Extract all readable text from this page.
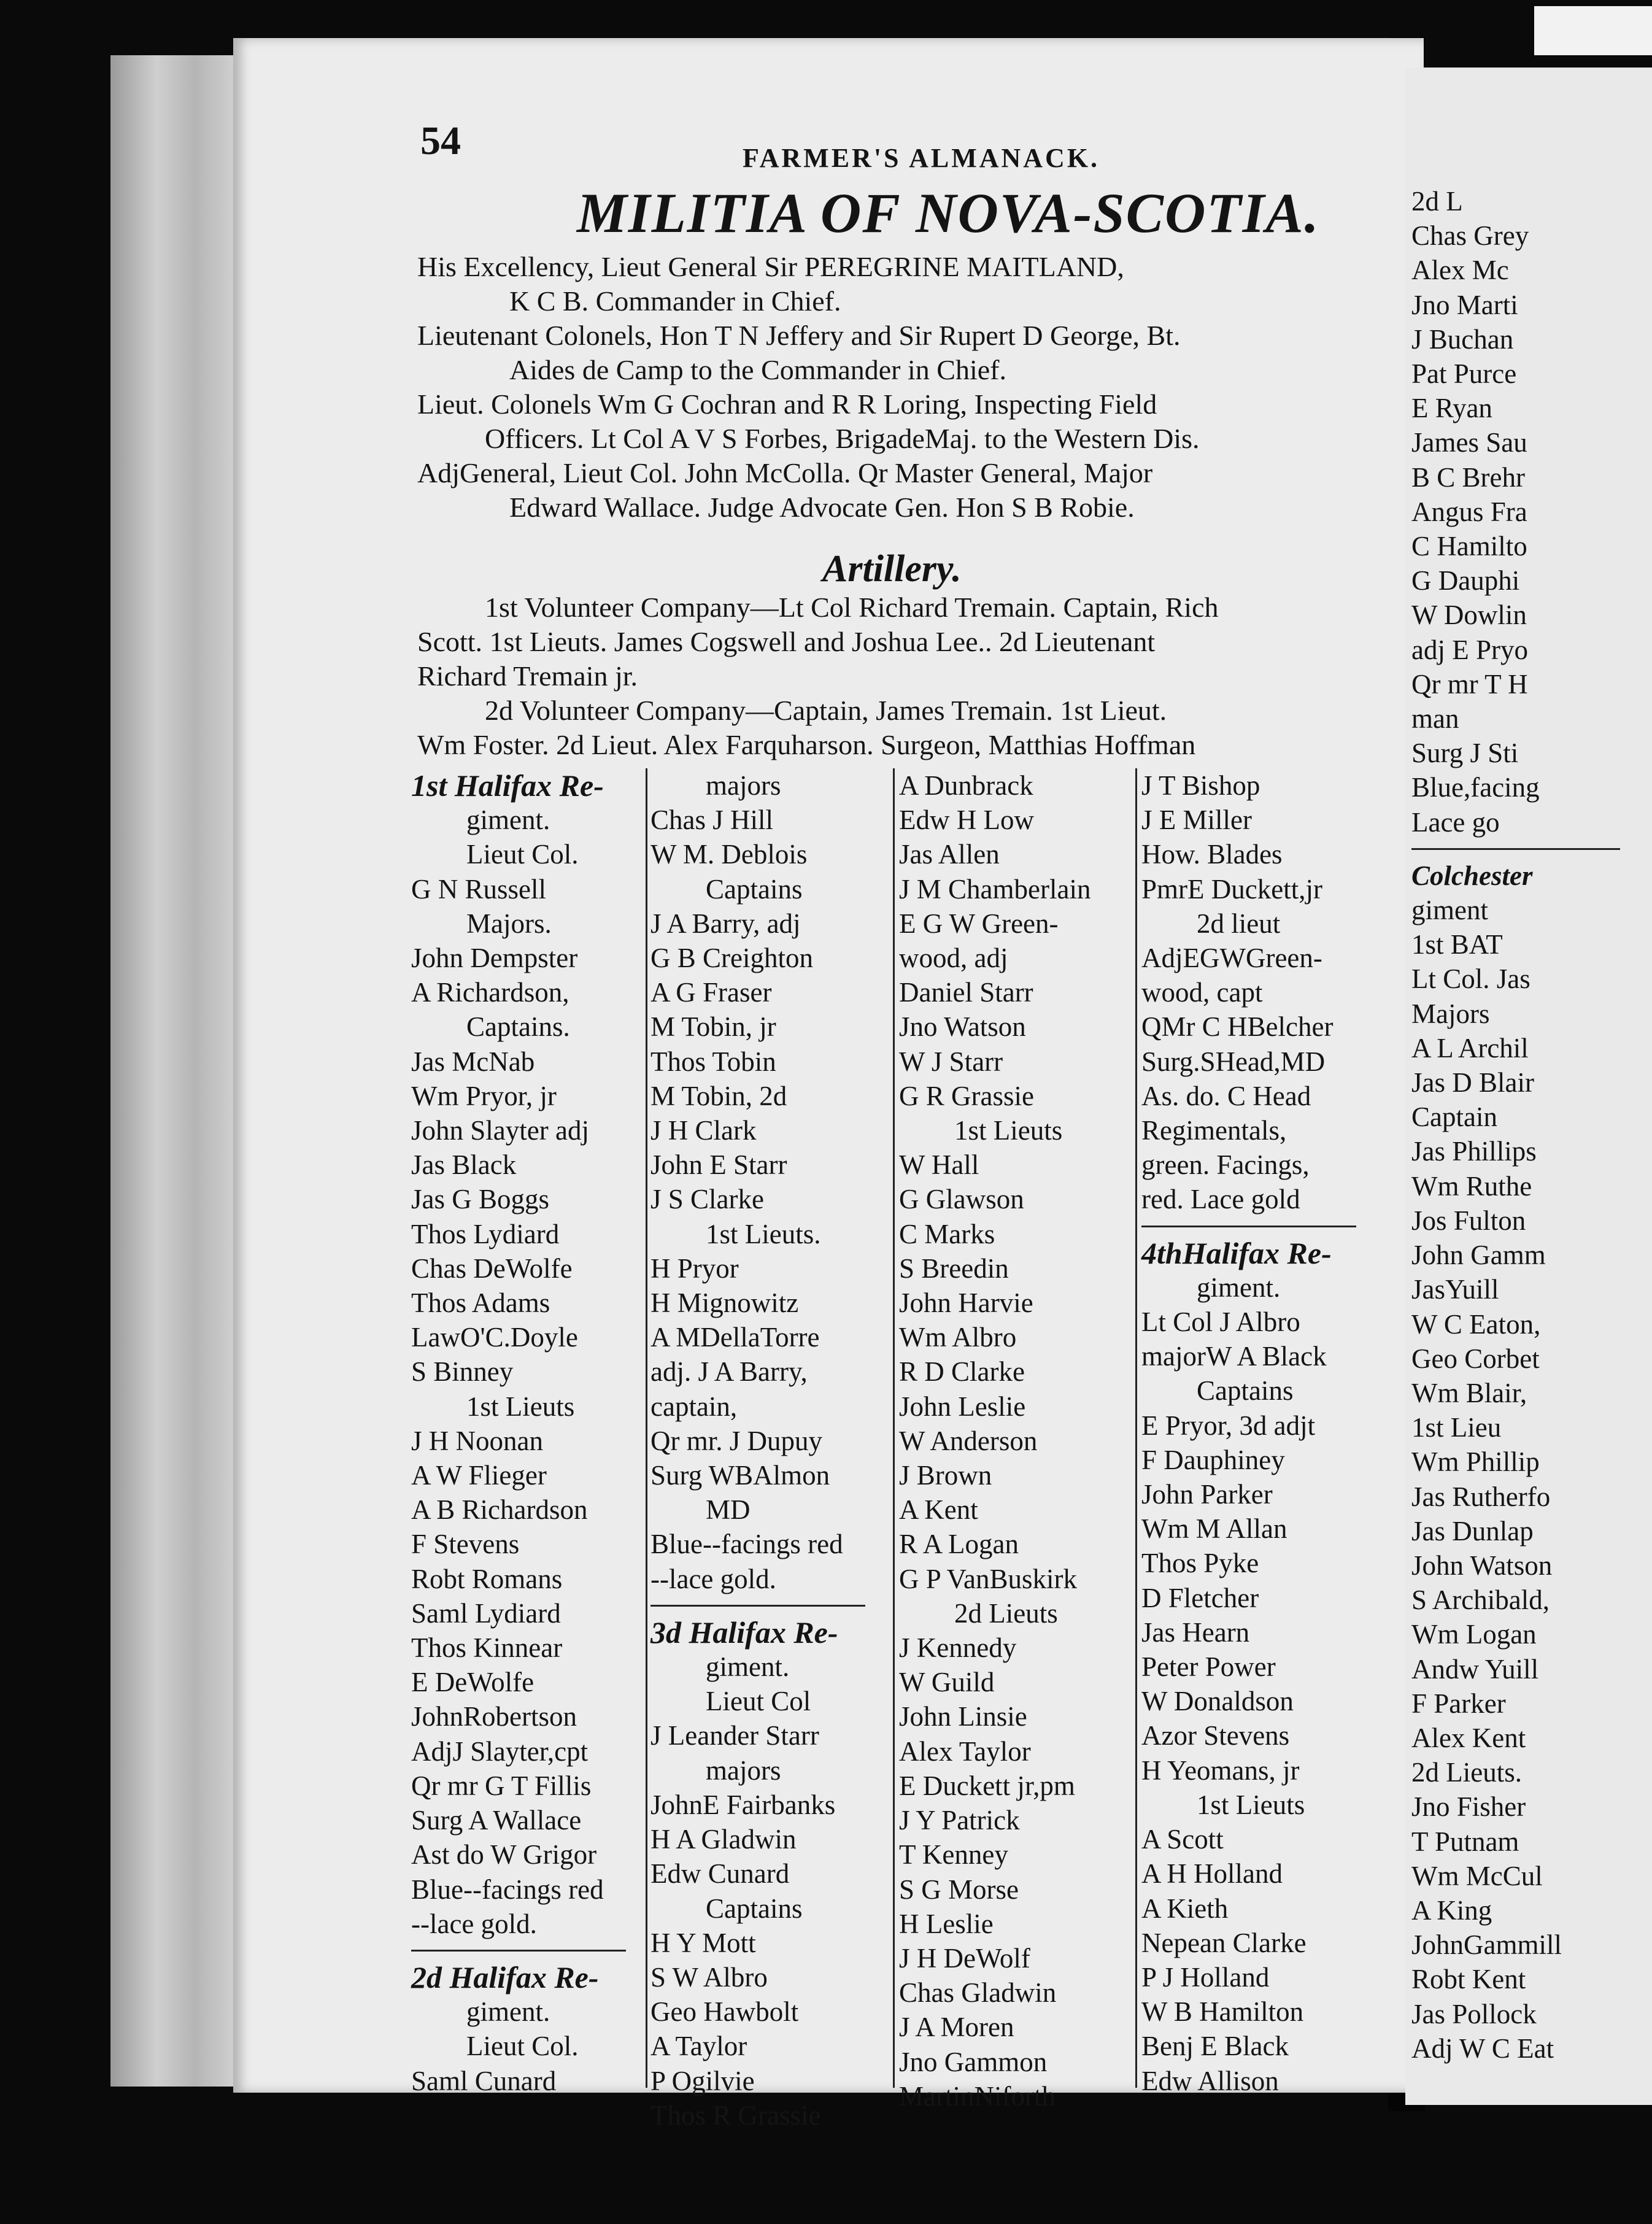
54	FARMER'S ALMANACK.
MILITIA OF NOVA-SCOTIA.
His Excellency, Lieut General Sir PEREGRINE MAITLAND,
K C B. Commander in Chief.
Lieutenant Colonels, Hon T N Jeffery and Sir Rupert D George, Bt.
Aides de Camp to the Commander in Chief.
Lieut. Colonels Wm G Cochran and R R Loring, Inspecting Field
Officers. Lt Col A V S Forbes, BrigadeMaj. to the Western Dis.
AdjGeneral, Lieut Col. John McColla. Qr Master General, Major
Edward Wallace. Judge Advocate Gen. Hon S B Robie.
Artillery.
1st Volunteer Company—Lt Col Richard Tremain. Captain, Rich
Scott. 1st Lieuts. James Cogswell and Joshua Lee.. 2d Lieutenant
Richard Tremain jr.
2d Volunteer Company—Captain, James Tremain. 1st Lieut.
Wm Foster. 2d Lieut. Alex Farquharson. Surgeon, Matthias Hoffman
1st Halifax Re-
giment.
Lieut Col.
G N Russell
Majors.
John Dempster
A Richardson,
Captains.
Jas McNab
Wm Pryor, jr
John Slayter adj
Jas Black
Jas G Boggs
Thos Lydiard
Chas DeWolfe
Thos Adams
LawO'C.Doyle
S Binney
1st Lieuts
J H Noonan
A W Flieger
A B Richardson
F Stevens
Robt Romans
Saml Lydiard
Thos Kinnear
E DeWolfe
JohnRobertson
AdjJ Slayter,cpt
Qr mr G T Fillis
Surg A Wallace
Ast do W Grigor
Blue--facings red
--lace gold.
2d Halifax Re-
giment.
Lieut Col.
Saml Cunard
majors
Chas J Hill
W M. Deblois
Captains
J A Barry, adj
G B Creighton
A G Fraser
M Tobin, jr
Thos Tobin
M Tobin, 2d
J H Clark
John E Starr
J S Clarke
1st Lieuts.
H Pryor
H Mignowitz
A MDellaTorre
adj. J A Barry,
captain,
Qr mr. J Dupuy
Surg WBAlmon
MD
Blue--facings red
--lace gold.
3d Halifax Re-
giment.
Lieut Col
J Leander Starr
majors
JohnE Fairbanks
H A Gladwin
Edw Cunard
Captains
H Y Mott
S W Albro
Geo Hawbolt
A Taylor
P Ogilvie
Thos R Grassie
A Dunbrack
Edw H Low
Jas Allen
J M Chamberlain
E G W Green-
wood, adj
Daniel Starr
Jno Watson
W J Starr
G R Grassie
1st Lieuts
W Hall
G Glawson
C Marks
S Breedin
John Harvie
Wm Albro
R D Clarke
John Leslie
W Anderson
J Brown
A Kent
R A Logan
G P VanBuskirk
2d Lieuts
J Kennedy
W Guild
John Linsie
Alex Taylor
E Duckett jr,pm
J Y Patrick
T Kenney
S G Morse
H Leslie
J H DeWolf
Chas Gladwin
J A Moren
Jno Gammon
MartinNiforth
J T Bishop
J E Miller
How. Blades
PmrE Duckett,jr
2d lieut
AdjEGWGreen-
wood, capt
QMr C HBelcher
Surg.SHead,MD
As. do. C Head
Regimentals,
green. Facings,
red. Lace gold
4thHalifax Re-
giment.
Lt Col J Albro
majorW A Black
Captains
E Pryor, 3d adjt
F Dauphiney
John Parker
Wm M Allan
Thos Pyke
D Fletcher
Jas Hearn
Peter Power
W Donaldson
Azor Stevens
H Yeomans, jr
1st Lieuts
A Scott
A H Holland
A Kieth
Nepean Clarke
P J Holland
W B Hamilton
Benj E Black
Edw Allison
2d L
Chas Grey
Alex Mc
Jno Marti
J Buchan
Pat Purce
E Ryan
James Sau
B C Brehr
Angus Fra
C Hamilto
G Dauphi
W Dowlin
adj E Pryo
Qr mr T H
man
Surg J Sti
Blue,facing
Lace go
Colchester
giment
1st BAT
Lt Col. Jas
Majors
A L Archil
Jas D Blair
Captain
Jas Phillips
Wm Ruthe
Jos Fulton
John Gamm
JasYuill
W C Eaton,
Geo Corbet
Wm Blair,
1st Lieu
Wm Phillip
Jas Rutherfo
Jas Dunlap
John Watson
S Archibald,
Wm Logan
Andw Yuill
F Parker
Alex Kent
2d Lieuts.
Jno Fisher
T Putnam
Wm McCul
A King
JohnGammill
Robt Kent
Jas Pollock
Adj W C Eat
